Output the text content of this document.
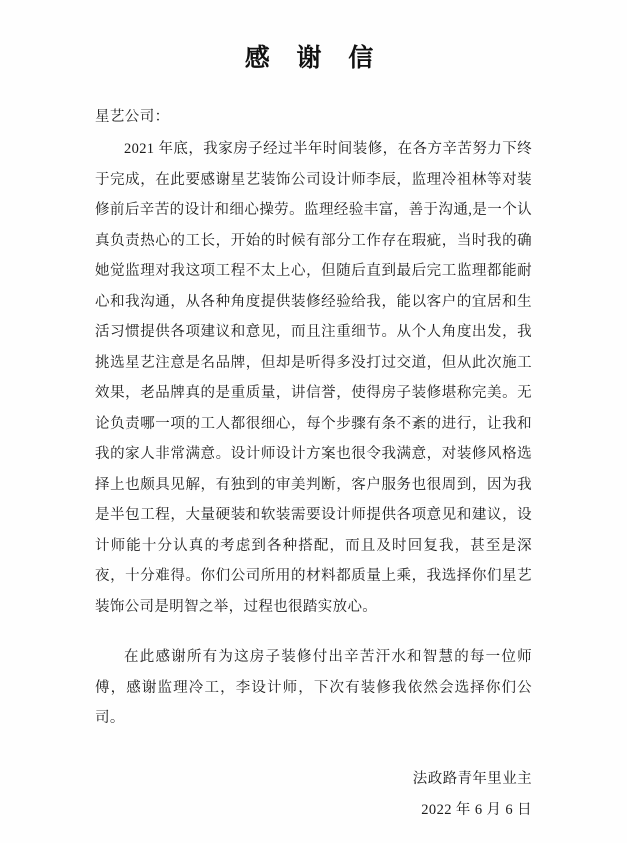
感 谢 信

星艺公司：

2021 年底，我家房子经过半年时间装修，在各方辛苦努力下终于完成，在此要感谢星艺装饰公司设计师李辰，监理冷祖林等对装修前后辛苦的设计和细心操劳。监理经验丰富，善于沟通,是一个认真负责热心的工长，开始的时候有部分工作存在瑕疵，当时我的确她觉监理对我这项工程不太上心，但随后直到最后完工监理都能耐心和我沟通，从各种角度提供装修经验给我，能以客户的宜居和生活习惯提供各项建议和意见，而且注重细节。从个人角度出发，我挑选星艺注意是名品牌，但却是听得多没打过交道，但从此次施工效果，老品牌真的是重质量，讲信誉，使得房子装修堪称完美。无论负责哪一项的工人都很细心，每个步骤有条不紊的进行，让我和我的家人非常满意。设计师设计方案也很令我满意，对装修风格选择上也颇具见解，有独到的审美判断，客户服务也很周到，因为我是半包工程，大量硬装和软装需要设计师提供各项意见和建议，设计师能十分认真的考虑到各种搭配，而且及时回复我，甚至是深夜，十分难得。你们公司所用的材料都质量上乘，我选择你们星艺装饰公司是明智之举，过程也很踏实放心。

在此感谢所有为这房子装修付出辛苦汗水和智慧的每一位师傅，感谢监理冷工，李设计师，下次有装修我依然会选择你们公司。

法政路青年里业主
2022 年 6 月 6 日
